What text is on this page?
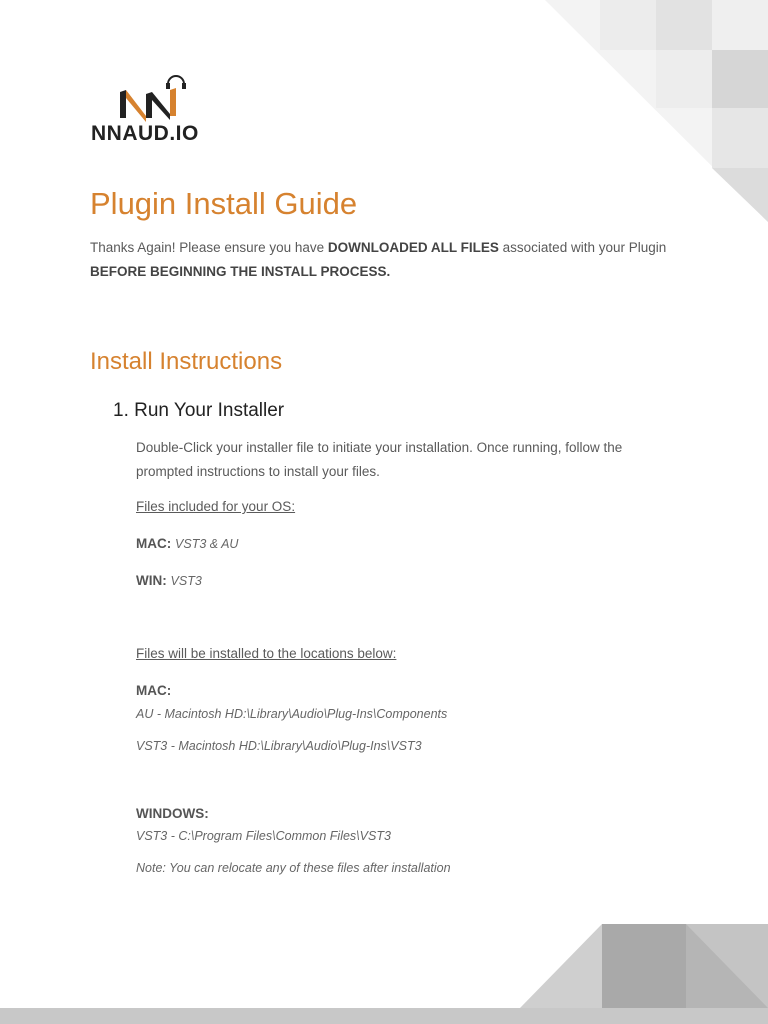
NNAUD.IO
Plugin Install Guide

Thanks Again! Please ensure you have DOWNLOADED ALL FILES associated with your Plugin
BEFORE BEGINNING THE INSTALL PROCESS.

Install Instructions
1. Run Your Installer

Double-Click your installer file to initiate your installation. Once running, follow the
prompted instructions to install your files.

Files included for your OS:

MAC: VST3 & AU

WIN: VST3

Files will be installed to the locations below:

MAC:

AU - Macintosh HD:\Library\Audio\Plug-Ins\Components

VST3 - Macintosh HD:\Library\Audio\Plug-Ins\VST3

WINDOWS:

VST3 - C:\Program Files\Common Files\VST3

Note: You can relocate any of these files after installation
